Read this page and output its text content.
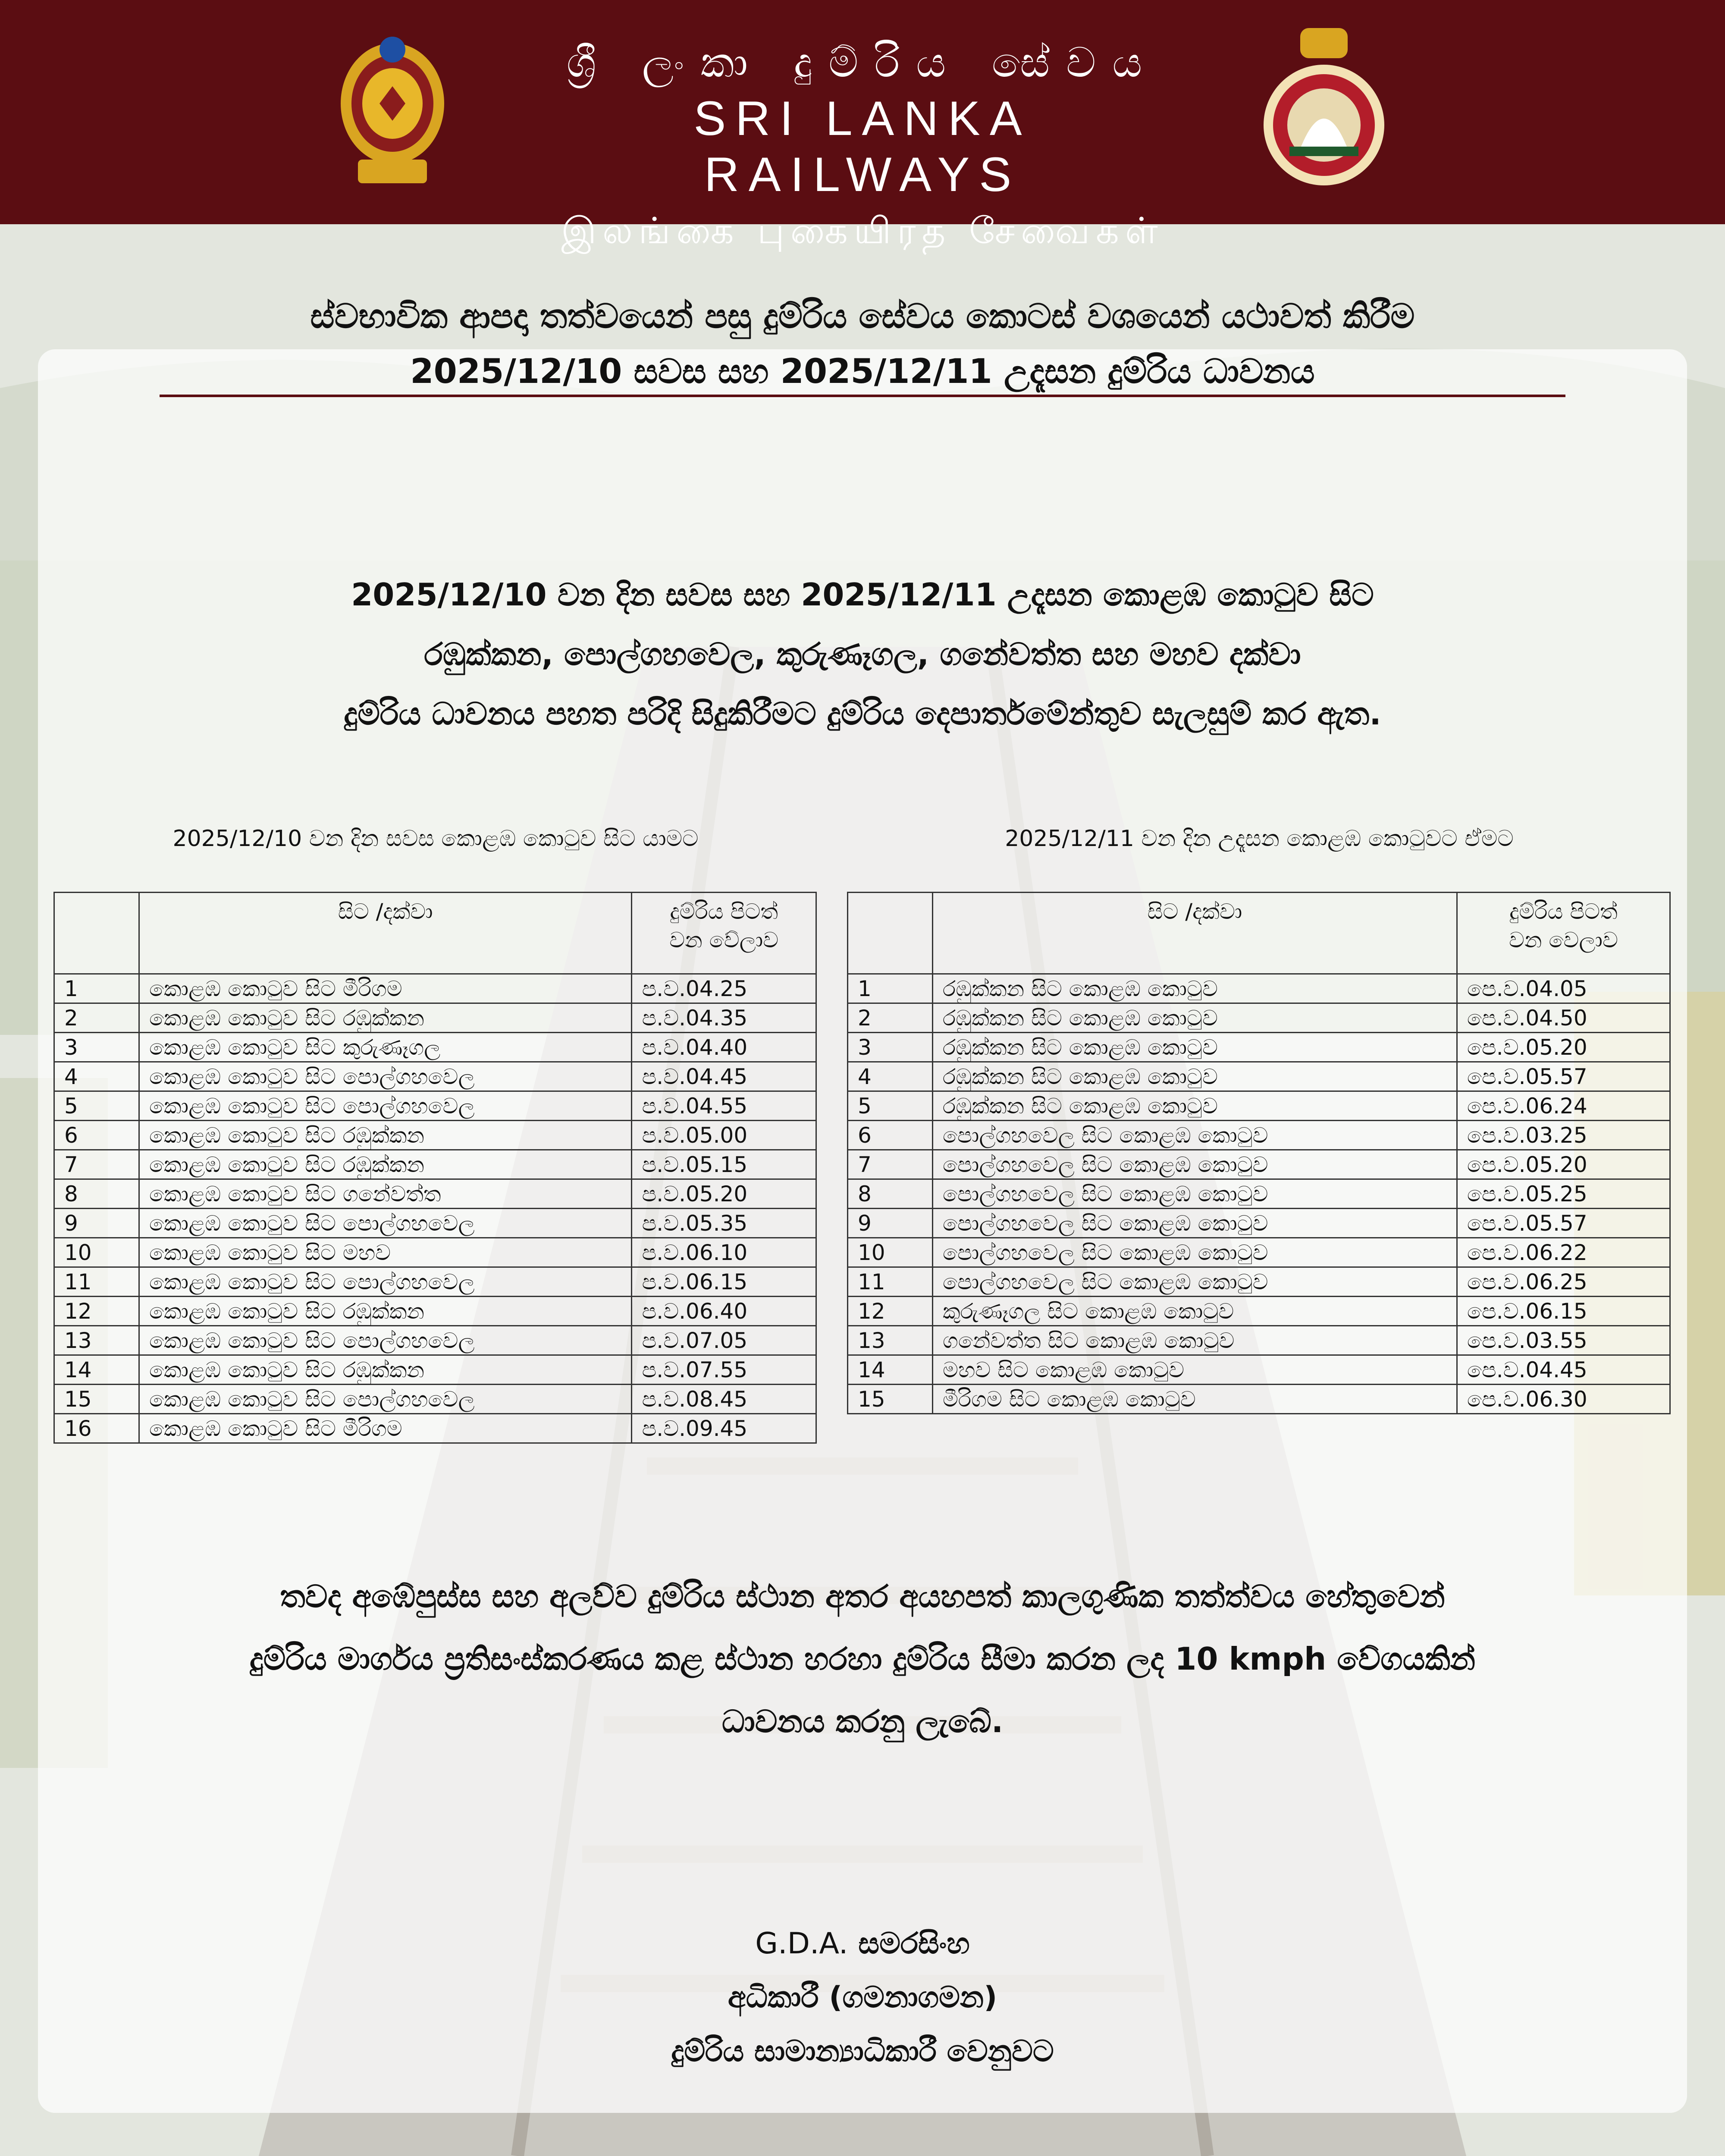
ශ්‍රී ලංකා දුම්රිය සේවය
SRI LANKA RAILWAYS
இலங்கை புகையிரத சேவைகள்
ස්වභාවික ආපදා තත්වයෙන් පසු දුම්රිය සේවය කොටස් වශයෙන් යථාවත් කිරීම
2025/12/10 සවස සහ 2025/12/11 උදෑසන දුම්රිය ධාවනය
2025/12/10 වන දින සවස සහ 2025/12/11 උදෑසන කොළඹ කොටුව සිට
රඹුක්කන, පොල්ගහවෙල, කුරුණෑගල, ගනේවත්ත සහ මහව දක්වා
දුම්රිය ධාවනය පහත පරිදි සිදුකිරීමට දුම්රිය දෙපාර්තමේන්තුව සැලසුම් කර ඇත.
2025/12/10 වන දින සවස කොළඹ කොටුව සිට යාමට	2025/12/11 වන දින උදෑසන කොළඹ කොටුවට ඒමට
	සිට /දක්වා	දුම්රිය පිටත්
වන වේලාව

1	කොළඹ කොටුව සිට මීරිගම	ප.ව.04.25
2	කොළඹ කොටුව සිට රඹුක්කන	ප.ව.04.35
3	කොළඹ කොටුව සිට කුරුණෑගල	ප.ව.04.40
4	කොළඹ කොටුව සිට පොල්ගහවෙල	ප.ව.04.45
5	කොළඹ කොටුව සිට පොල්ගහවෙල	ප.ව.04.55
6	කොළඹ කොටුව සිට රඹුක්කන	ප.ව.05.00
7	කොළඹ කොටුව සිට රඹුක්කන	ප.ව.05.15
8	කොළඹ කොටුව සිට ගනේවත්ත	ප.ව.05.20
9	කොළඹ කොටුව සිට පොල්ගහවෙල	ප.ව.05.35
10	කොළඹ කොටුව සිට මහව	ප.ව.06.10
11	කොළඹ කොටුව සිට පොල්ගහවෙල	ප.ව.06.15
12	කොළඹ කොටුව සිට රඹුක්කන	ප.ව.06.40
13	කොළඹ කොටුව සිට පොල්ගහවෙල	ප.ව.07.05
14	කොළඹ කොටුව සිට රඹුක්කන	ප.ව.07.55
15	කොළඹ කොටුව සිට පොල්ගහවෙල	ප.ව.08.45
16	කොළඹ කොටුව සිට මීරිගම	ප.ව.09.45
	සිට /දක්වා	දුම්රිය පිටත්
වන වෙලාව

1	රඹුක්කන සිට කොළඹ කොටුව	පෙ.ව.04.05
2	රඹුක්කන සිට කොළඹ කොටුව	පෙ.ව.04.50
3	රඹුක්කන සිට කොළඹ කොටුව	පෙ.ව.05.20
4	රඹුක්කන සිට කොළඹ කොටුව	පෙ.ව.05.57
5	රඹුක්කන සිට කොළඹ කොටුව	පෙ.ව.06.24
6	පොල්ගහවෙල සිට කොළඹ කොටුව	පෙ.ව.03.25
7	පොල්ගහවෙල සිට කොළඹ කොටුව	පෙ.ව.05.20
8	පොල්ගහවෙල සිට කොළඹ කොටුව	පෙ.ව.05.25
9	පොල්ගහවෙල සිට කොළඹ කොටුව	පෙ.ව.05.57
10	පොල්ගහවෙල සිට කොළඹ කොටුව	පෙ.ව.06.22
11	පොල්ගහවෙල සිට කොළඹ කොටුව	පෙ.ව.06.25
12	කුරුණෑගල සිට කොළඹ කොටුව	පෙ.ව.06.15
13	ගනේවත්ත සිට කොළඹ කොටුව	පෙ.ව.03.55
14	මහව සිට කොළඹ කොටුව	පෙ.ව.04.45
15	මීරිගම සිට කොළඹ කොටුව	පෙ.ව.06.30
තවද අඹේපුස්ස සහ අලව්ව දුම්රිය ස්ථාන අතර අයහපත් කාලගුණික තත්ත්වය හේතුවෙන්
දුම්රිය මාර්ගය ප්‍රතිසංස්කරණය කළ ස්ථාන හරහා දුම්රිය සීමා කරන ලද 10 kmph වේගයකින්
ධාවනය කරනු ලැබේ.
G.D.A. සමරසිංහ
අධිකාරී (ගමනාගමන)
දුම්රිය සාමාන්‍යාධිකාරී වෙනුවට
